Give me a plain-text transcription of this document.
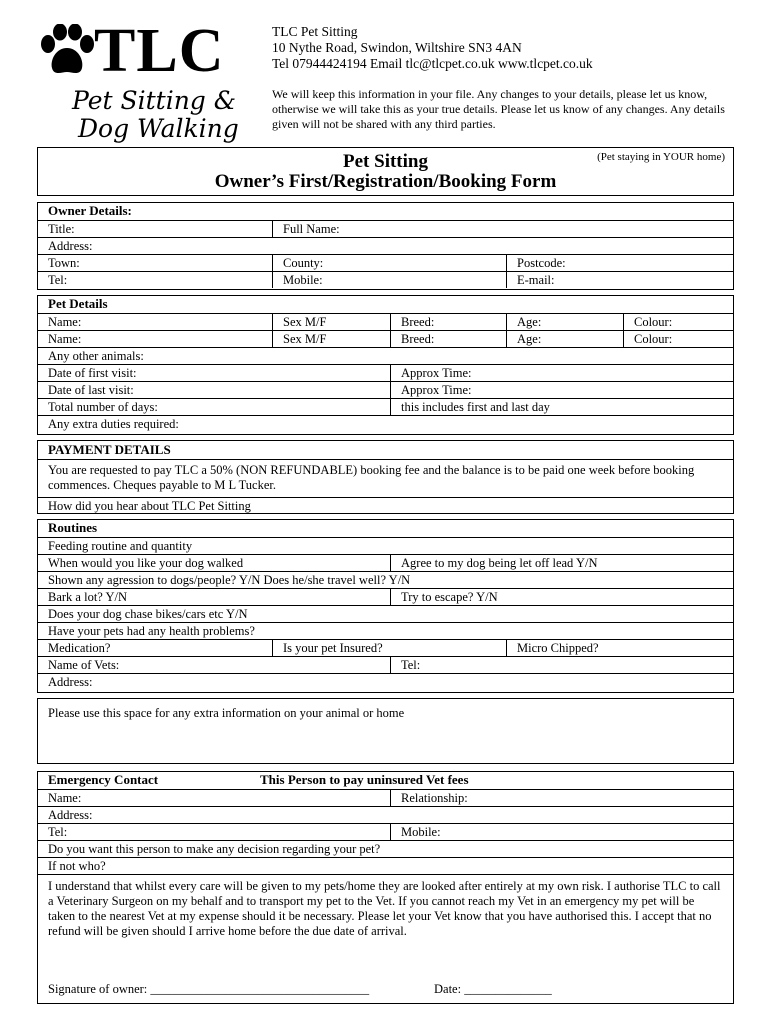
TLC
Pet Sitting &
Dog Walking
TLC Pet Sitting
10 Nythe Road, Swindon, Wiltshire SN3 4AN
Tel 07944424194 Email tlc@tlcpet.co.uk www.tlcpet.co.uk
We will keep this information in your file. Any changes to your details, please let us know, otherwise we will take this as your true details. Please let us know of any changes. Any details given will not be shared with any third parties.
Pet Sitting
Owner’s First/Registration/Booking Form
(Pet staying in YOUR home)
Owner Details:
Title:	Full Name:
Address:
Town:	County:	Postcode:
Tel:	Mobile:	E-mail:
Pet Details
Name:	Sex M/F	Breed:	Age:	Colour:
Name:	Sex M/F	Breed:	Age:	Colour:
Any other animals:
Date of first visit:	Approx Time:
Date of last visit:	Approx Time:
Total number of days:	this includes first and last day
Any extra duties required:
PAYMENT DETAILS
You are requested to pay TLC a 50% (NON REFUNDABLE) booking fee and the balance is to be paid one week before booking commences. Cheques payable to M L Tucker.
How did you hear about TLC Pet Sitting
Routines
Feeding routine and quantity
When would you like your dog walked	Agree to my dog being let off lead Y/N
Shown any agression to dogs/people? Y/N Does he/she travel well? Y/N
Bark a lot? Y/N	Try to escape? Y/N
Does your dog chase bikes/cars etc Y/N
Have your pets had any health problems?
Medication?	Is your pet Insured?	Micro Chipped?
Name of Vets:	Tel:
Address:
Please use this space for any extra information on your animal or home
Emergency Contact	This Person to pay uninsured Vet fees
Name:	Relationship:
Address:
Tel:	Mobile:
Do you want this person to make any decision regarding your pet?
If not who?
I understand that whilst every care will be given to my pets/home they are looked after entirely at my own risk. I authorise TLC to call a Veterinary Surgeon on my behalf and to transport my pet to the Vet. If you cannot reach my Vet in an emergency my pet will be taken to the nearest Vet at my expense should it be necessary. Please let your Vet know that you have authorised this. I accept that no refund will be given should I arrive home before the due date of arrival.
Signature of owner: ___________________________________	Date: ______________
